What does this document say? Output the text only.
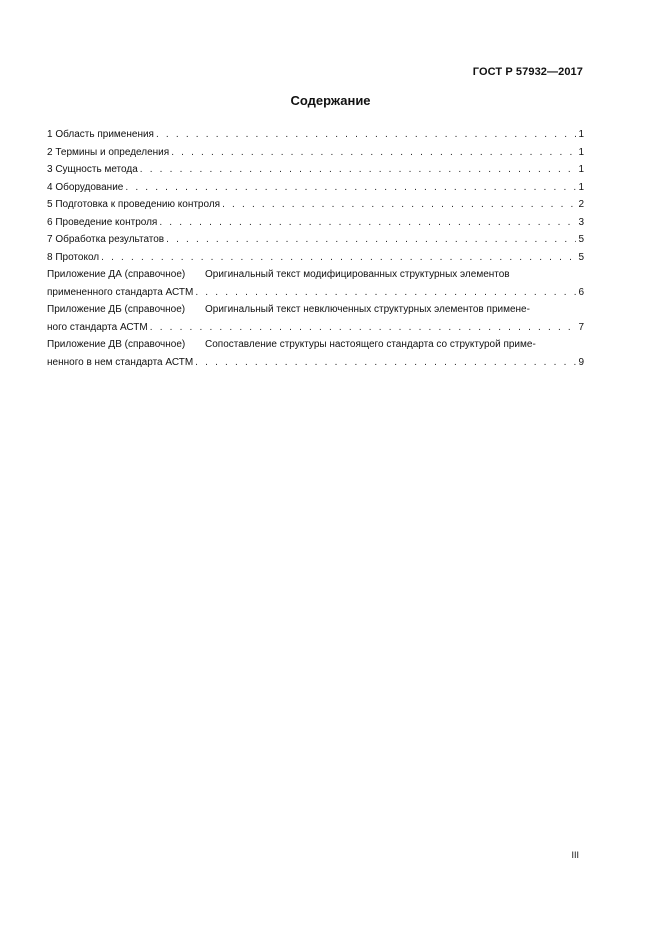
ГОСТ Р 57932—2017
Содержание
1 Область применения . . .	1
2 Термины и определения . . .	1
3 Сущность метода . . .	1
4 Оборудование . . .	1
5 Подготовка к проведению контроля . . .	2
6 Проведение контроля . . .	3
7 Обработка результатов . . .	5
8 Протокол . . .	5
Приложение ДА (справочное)	Оригинальный текст модифицированных структурных элементов
примененного стандарта АСТМ . . .	6
Приложение ДБ (справочное)	Оригинальный текст невключенных структурных элементов примене-
ного стандарта АСТМ . . .	7
Приложение ДВ (справочное)	Сопоставление структуры настоящего стандарта со структурой приме-
ненного в нем стандарта АСТМ . . .	9
III
